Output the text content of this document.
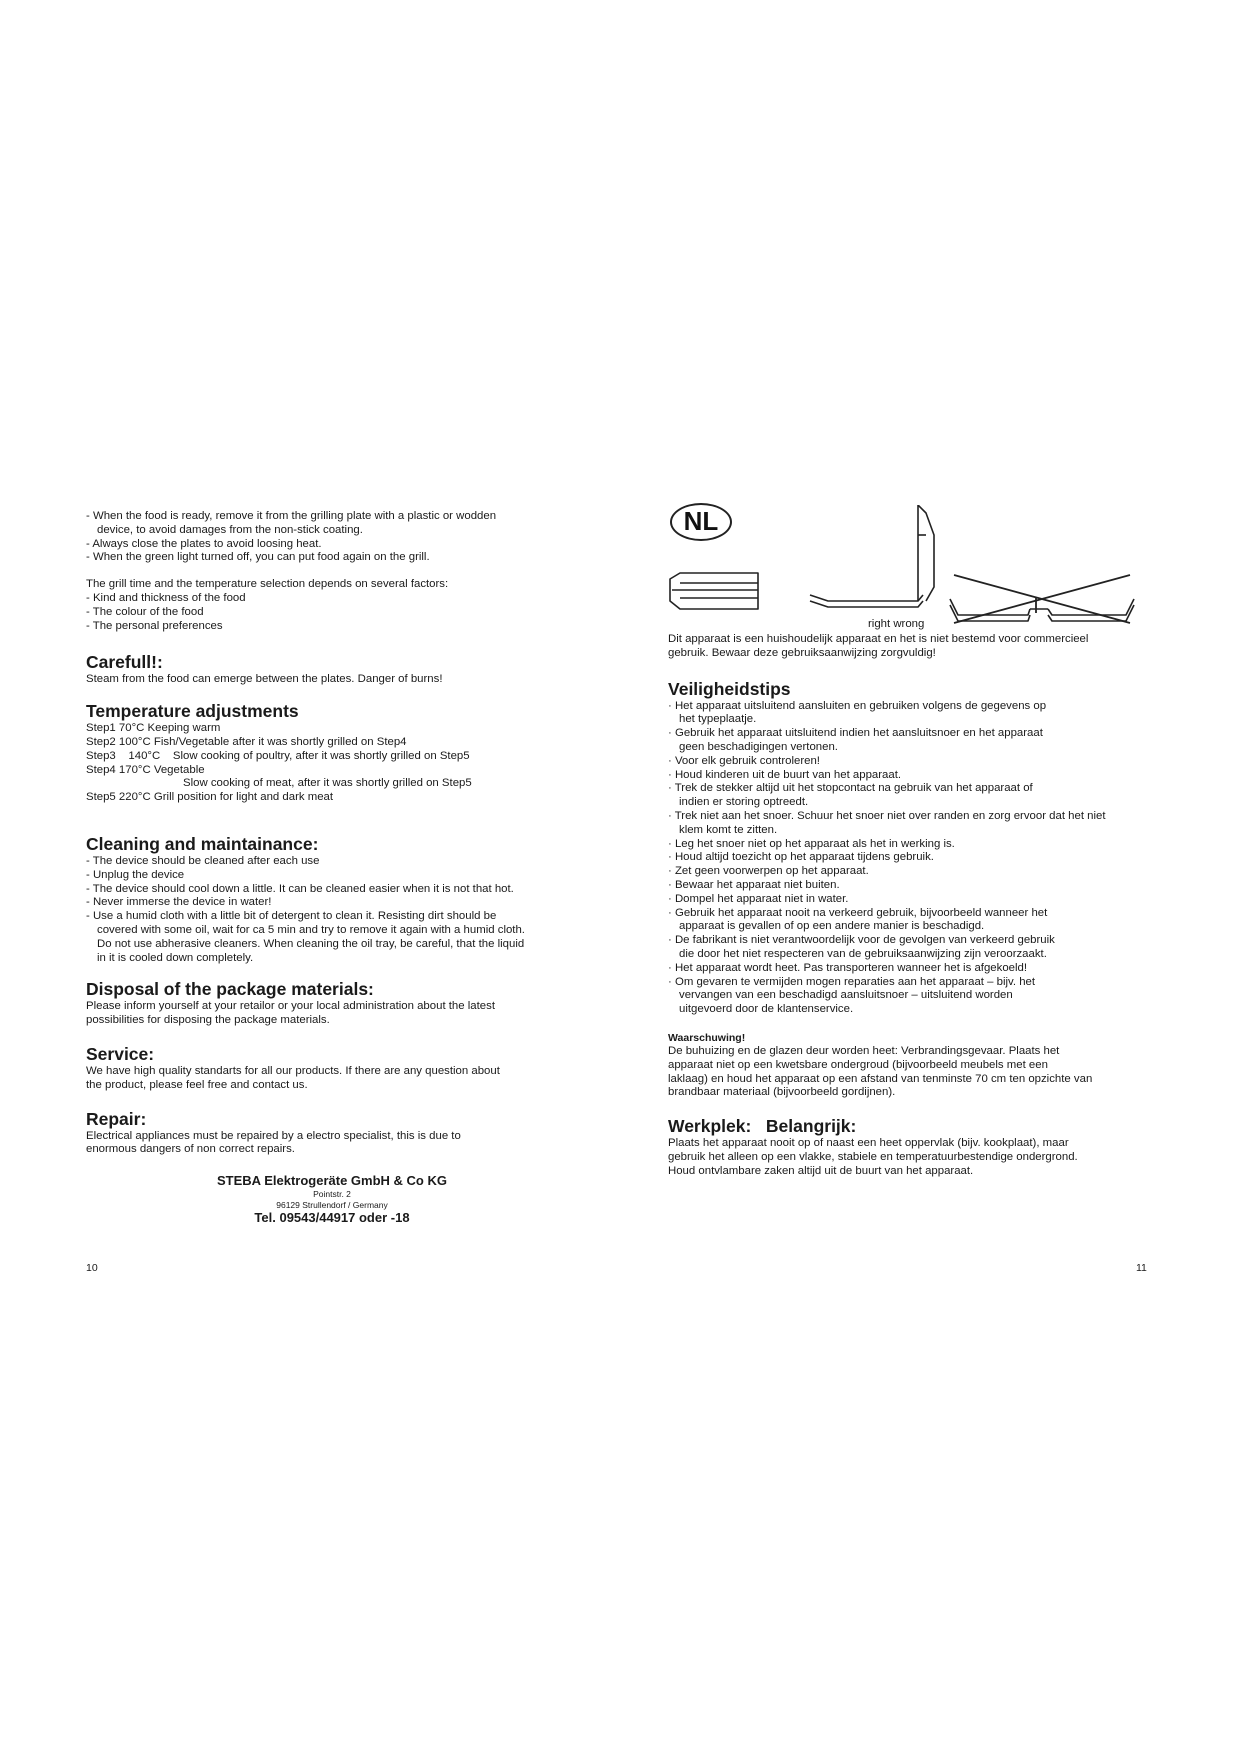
- When the food is ready, remove it from the grilling plate with a plastic or wodden

device, to avoid damages from the non-stick coating.

- Always close the plates to avoid loosing heat.

- When the green light turned off, you can put food again on the grill.

The grill time and the temperature selection depends on several factors:

- Kind and thickness of the food

- The colour of the food

- The personal preferences

Carefull!:

Steam from the food can emerge between the plates. Danger of burns!

Temperature adjustments

Step1 70°C Keeping warm

Step2 100°C Fish/Vegetable after it was shortly grilled on Step4

Step3    140°C    Slow cooking of poultry, after it was shortly grilled on Step5

Step4 170°C Vegetable

Slow cooking of meat, after it was shortly grilled on Step5

Step5 220°C Grill position for light and dark meat

Cleaning and maintainance:

- The device should be cleaned after each use

- Unplug the device

- The device should cool down a little. It can be cleaned easier when it is not that hot.

- Never immerse the device in water!

- Use a humid cloth with a little bit of detergent to clean it. Resisting dirt should be

covered with some oil, wait for ca 5 min and try to remove it again with a humid cloth.

Do not use abherasive cleaners. When cleaning the oil tray, be careful, that the liquid

in it is cooled down completely.

Disposal of the package materials:

Please inform yourself at your retailor or your local administration about the latest

possibilities for disposing the package materials.

Service:

We have high quality standarts for all our products. If there are any question about

the product, please feel free and contact us.

Repair:

Electrical appliances must be repaired by a electro specialist, this is due to

enormous dangers of non correct repairs.

STEBA Elektrogeräte GmbH & Co KG

Pointstr. 2

96129 Strullendorf / Germany

Tel. 09543/44917 oder -18

10
NL
right wrong

Dit apparaat is een huishoudelijk apparaat en het is niet bestemd voor commercieel

gebruik. Bewaar deze gebruiksaanwijzing zorgvuldig!

Veiligheidstips

· Het apparaat uitsluitend aansluiten en gebruiken volgens de gegevens op

het typeplaatje.

· Gebruik het apparaat uitsluitend indien het aansluitsnoer en het apparaat

geen beschadigingen vertonen.

· Voor elk gebruik controleren!

· Houd kinderen uit de buurt van het apparaat.

· Trek de stekker altijd uit het stopcontact na gebruik van het apparaat of

indien er storing optreedt.

· Trek niet aan het snoer. Schuur het snoer niet over randen en zorg ervoor dat het niet

klem komt te zitten.

· Leg het snoer niet op het apparaat als het in werking is.

· Houd altijd toezicht op het apparaat tijdens gebruik.

· Zet geen voorwerpen op het apparaat.

· Bewaar het apparaat niet buiten.

· Dompel het apparaat niet in water.

· Gebruik het apparaat nooit na verkeerd gebruik, bijvoorbeeld wanneer het

apparaat is gevallen of op een andere manier is beschadigd.

· De fabrikant is niet verantwoordelijk voor de gevolgen van verkeerd gebruik

die door het niet respecteren van de gebruiksaanwijzing zijn veroorzaakt.

· Het apparaat wordt heet. Pas transporteren wanneer het is afgekoeld!

· Om gevaren te vermijden mogen reparaties aan het apparaat – bijv. het

vervangen van een beschadigd aansluitsnoer – uitsluitend worden

uitgevoerd door de klantenservice.

Waarschuwing!

De buhuizing en de glazen deur worden heet: Verbrandingsgevaar. Plaats het

apparaat niet op een kwetsbare ondergroud (bijvoorbeeld meubels met een

laklaag) en houd het apparaat op een afstand van tenminste 70 cm ten opzichte van

brandbaar materiaal (bijvoorbeeld gordijnen).

Werkplek:   Belangrijk:

Plaats het apparaat nooit op of naast een heet oppervlak (bijv. kookplaat), maar

gebruik het alleen op een vlakke, stabiele en temperatuurbestendige ondergrond.

Houd ontvlambare zaken altijd uit de buurt van het apparaat.

11
